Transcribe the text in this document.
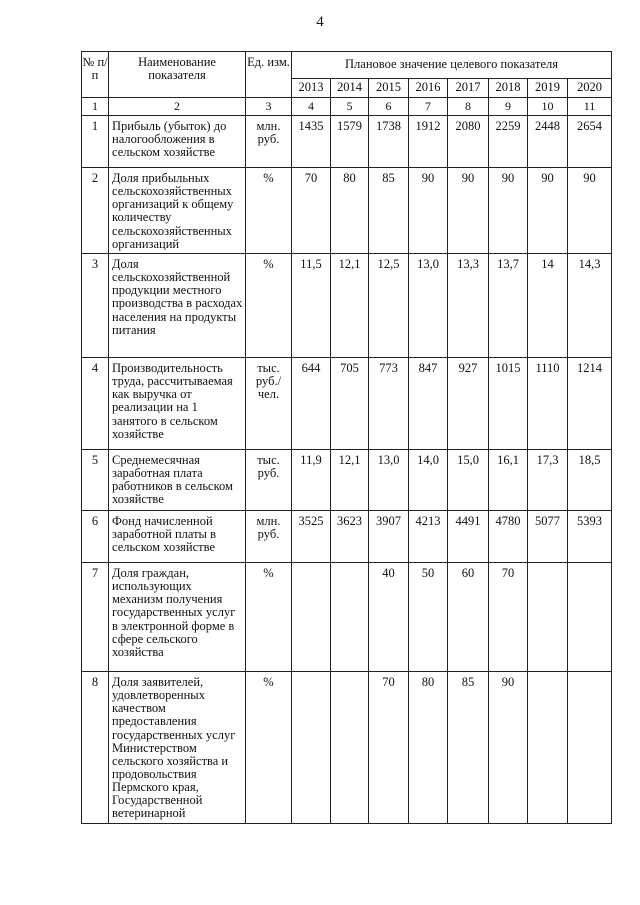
4
№ п/п	Наименование показателя	Ед. изм.	Плановое значение целевого показателя							
			2013	2014	2015	2016	2017	2018	2019	2020
1	2	3	4	5	6	7	8	9	10	11
1	Прибыль (убыток) до налогообложения в сельском хозяйстве	млн. руб.	1435	1579	1738	1912	2080	2259	2448	2654
2	Доля прибыльных сельскохозяйственных организаций к общему количеству сельскохозяйственных организаций	%	70	80	85	90	90	90	90	90
3	Доля сельскохозяйственной продукции местного производства в расходах населения на продукты питания	%	11,5	12,1	12,5	13,0	13,3	13,7	14	14,3
4	Производительность труда, рассчитываемая как выручка от реализации на 1 занятого в сельском хозяйстве	тыс. руб./ чел.	644	705	773	847	927	1015	1110	1214
5	Среднемесячная заработная плата работников в сельском хозяйстве	тыс. руб.	11,9	12,1	13,0	14,0	15,0	16,1	17,3	18,5
6	Фонд начисленной заработной платы в сельском хозяйстве	млн. руб.	3525	3623	3907	4213	4491	4780	5077	5393
7	Доля граждан, использующих механизм получения государственных услуг в электронной форме в сфере сельского хозяйства	%			40	50	60	70		
8	Доля заявителей, удовлетворенных качеством предоставления государственных услуг Министерством сельского хозяйства и продовольствия Пермского края, Государственной ветеринарной	%			70	80	85	90		
